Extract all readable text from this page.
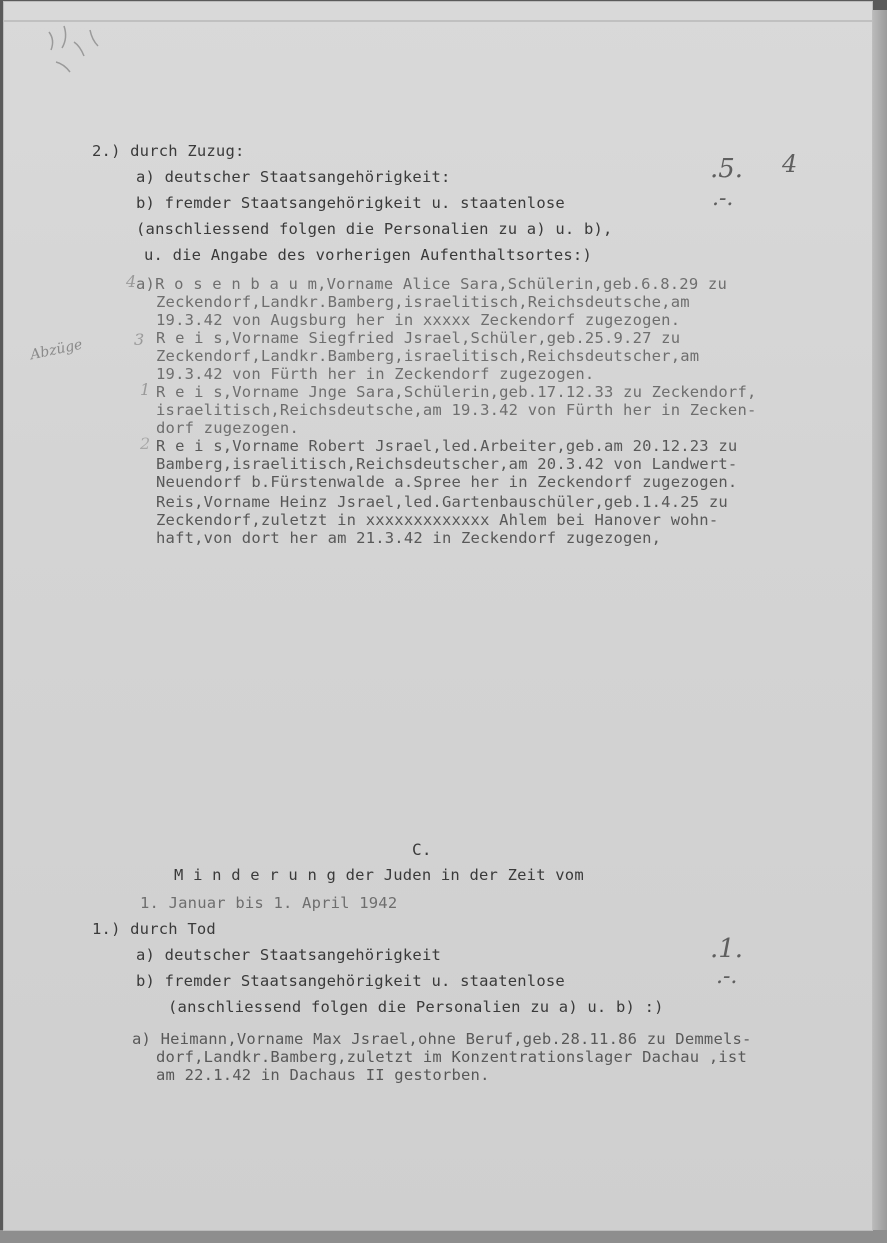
2.) durch Zuzug:
a) deutscher Staatsangehörigkeit:
b) fremder Staatsangehörigkeit u. staatenlose
(anschliessend folgen die Personalien zu a) u. b),
u. die Angabe des vorherigen Aufenthaltsortes:)
.5. 4
.-.
4 a)R o s e n b a u m,Vorname Alice Sara,Schülerin,geb.6.8.29 zu
Zeckendorf,Landkr.Bamberg,israelitisch,Reichsdeutsche,am
19.3.42 von Augsburg her in xxxxx Zeckendorf zugezogen.
3 R e i s,Vorname Siegfried Jsrael,Schüler,geb.25.9.27 zu
Zeckendorf,Landkr.Bamberg,israelitisch,Reichsdeutscher,am
19.3.42 von Fürth her in Zeckendorf zugezogen.
Abzüge
1 R e i s,Vorname Jnge Sara,Schülerin,geb.17.12.33 zu Zeckendorf,
israelitisch,Reichsdeutsche,am 19.3.42 von Fürth her in Zecken-
dorf zugezogen.
2 R e i s,Vorname Robert Jsrael,led.Arbeiter,geb.am 20.12.23 zu
Bamberg,israelitisch,Reichsdeutscher,am 20.3.42 von Landwert-
Neuendorf b.Fürstenwalde a.Spree her in Zeckendorf zugezogen.
Reis,Vorname Heinz Jsrael,led.Gartenbauschüler,geb.1.4.25 zu
Zeckendorf,zuletzt in xxxxxxxxxxxxx Ahlem bei Hanover wohn-
haft,von dort her am 21.3.42 in Zeckendorf zugezogen,
C.
M i n d e r u n g der Juden in der Zeit vom
1. Januar bis 1. April 1942
1.) durch Tod
a) deutscher Staatsangehörigkeit
b) fremder Staatsangehörigkeit u. staatenlose
(anschliessend folgen die Personalien zu a) u. b) :)
.1.
.-.
a) Heimann,Vorname Max Jsrael,ohne Beruf,geb.28.11.86 zu Demmels-
dorf,Landkr.Bamberg,zuletzt im Konzentrationslager Dachau ,ist
am 22.1.42 in Dachaus II gestorben.
